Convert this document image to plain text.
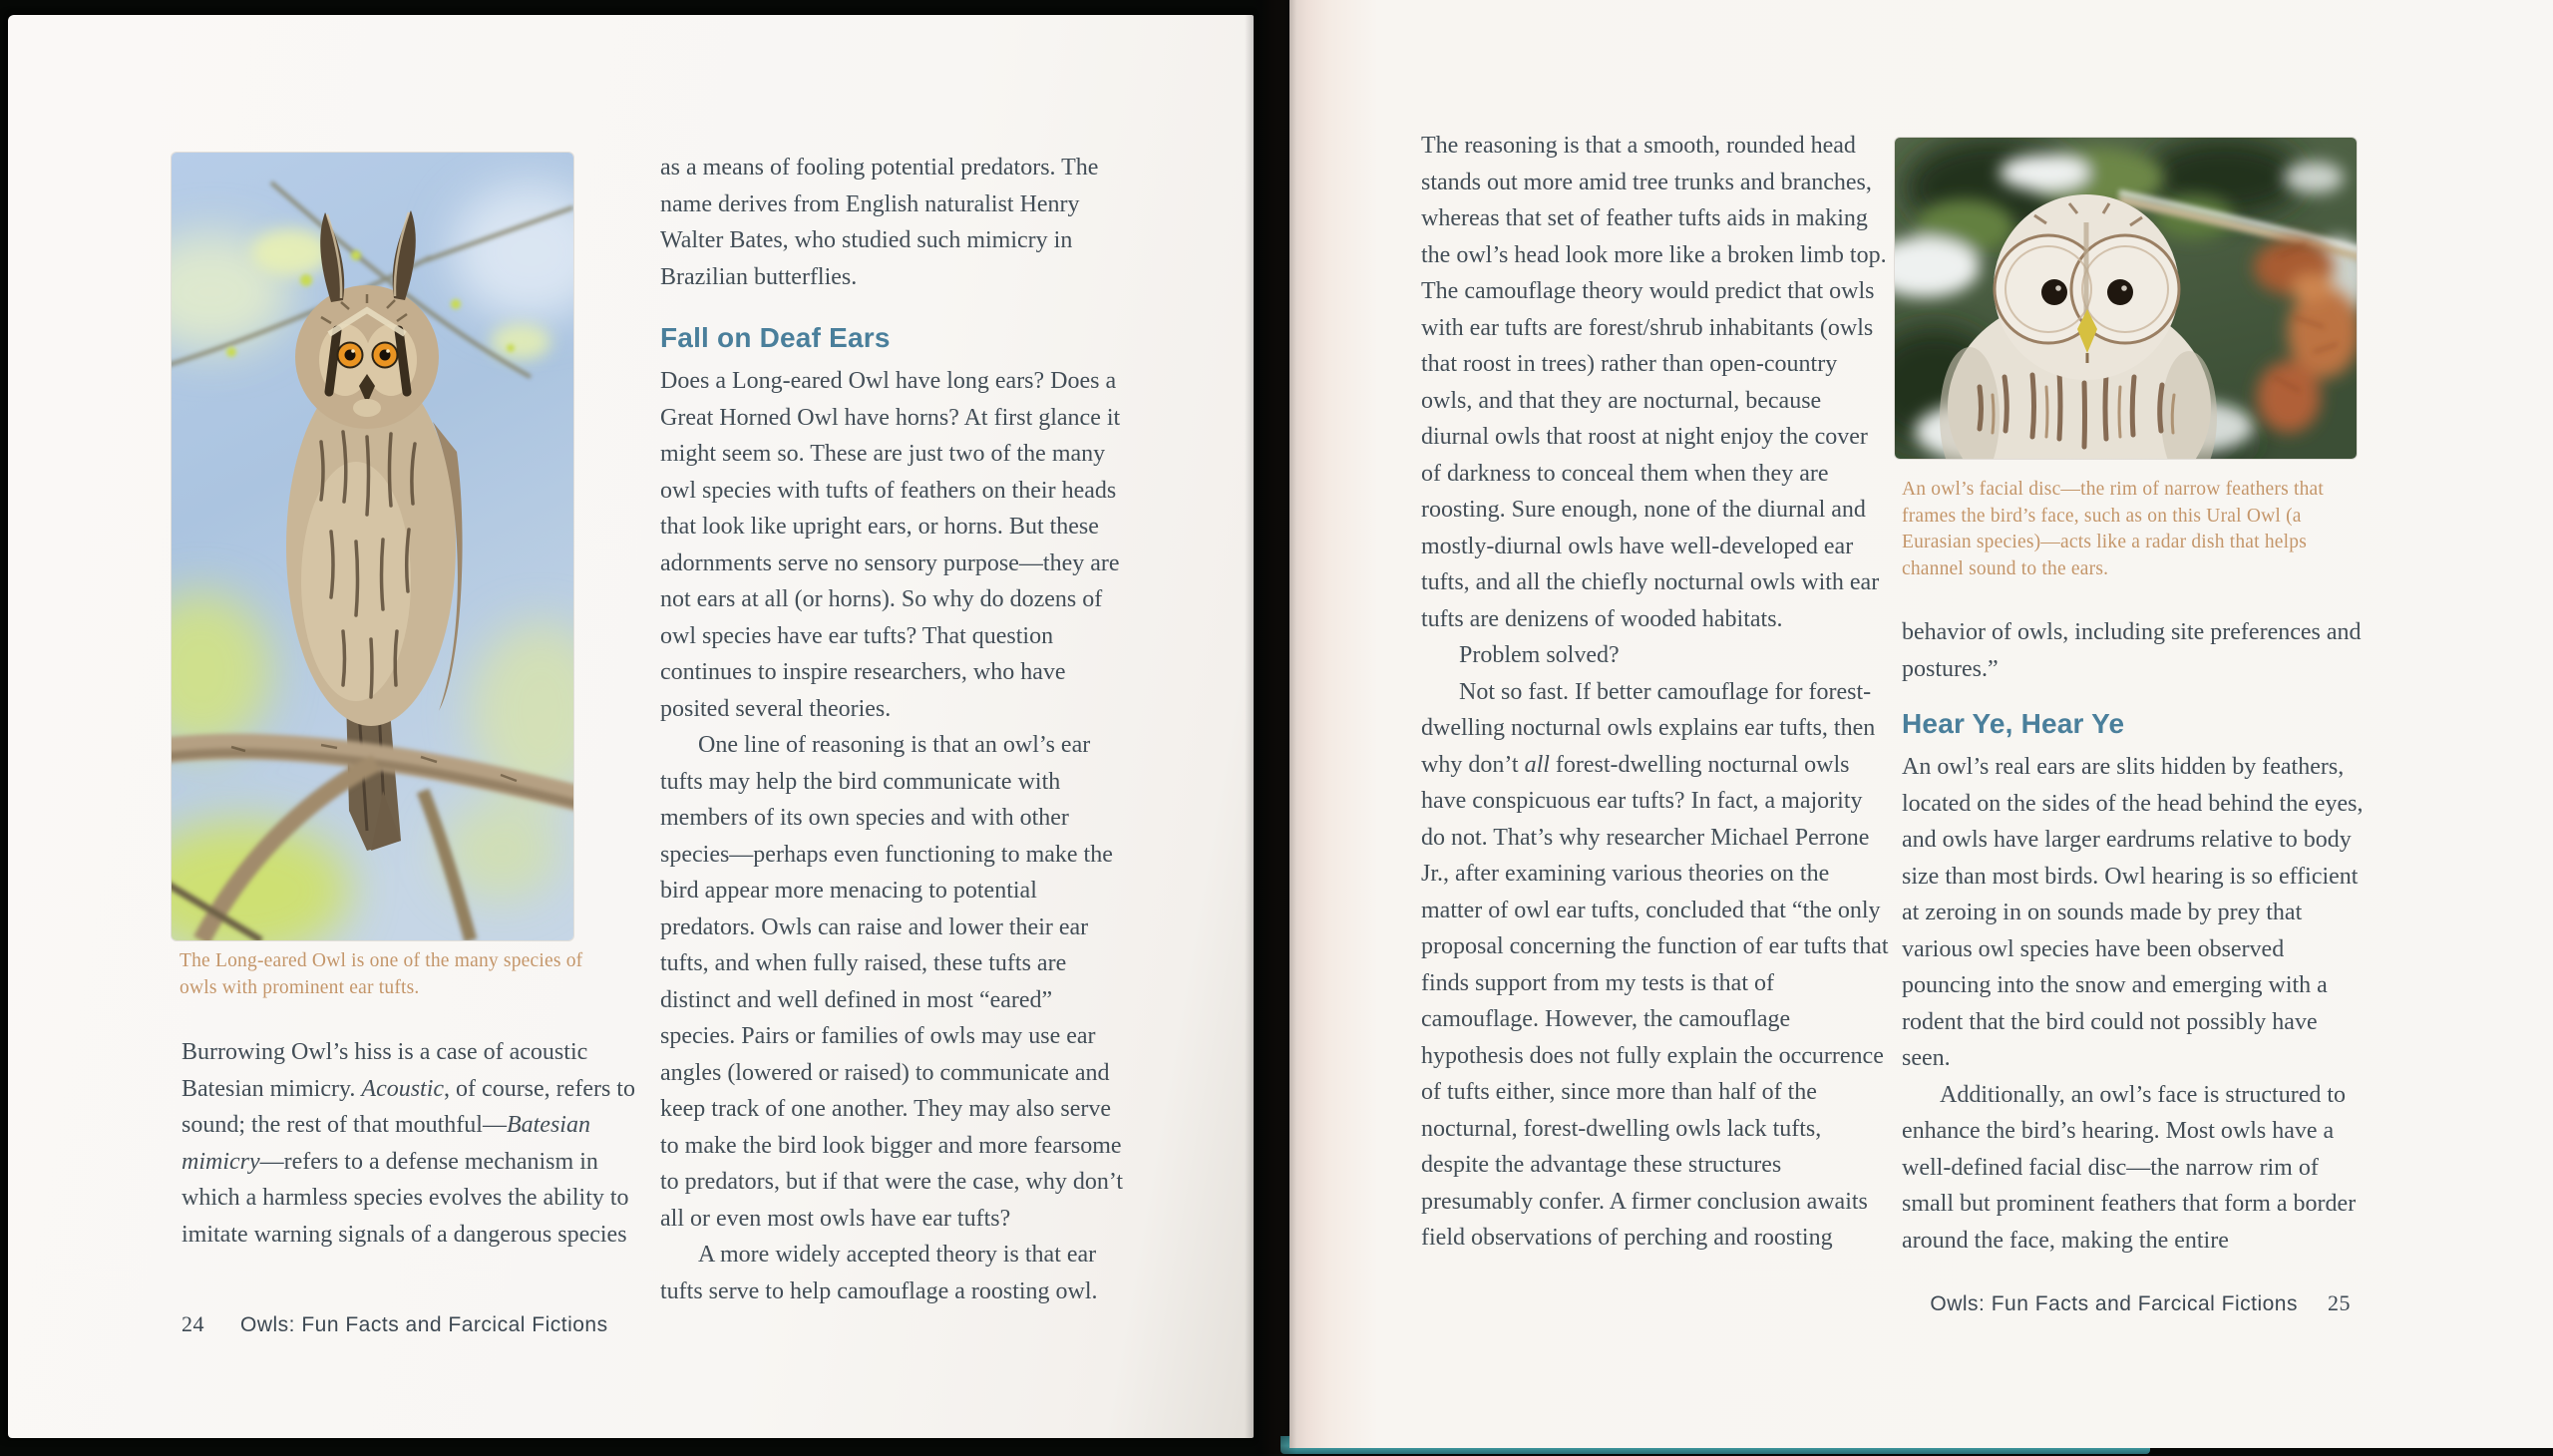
The Long-eared Owl is one of the many species of owls with prominent ear tufts.

Burrowing Owl’s hiss is a case of acoustic Batesian mimicry. Acoustic, of course, refers to sound; the rest of that mouthful—Batesian mimicry—refers to a defense mechanism in which a harmless species evolves the ability to imitate warning signals of a dangerous species

as a means of fooling potential predators. The name derives from English naturalist Henry Walter Bates, who studied such mimicry in Brazilian butterflies.

Fall on Deaf Ears

Does a Long-eared Owl have long ears? Does a Great Horned Owl have horns? At first glance it might seem so. These are just two of the many owl species with tufts of feathers on their heads that look like upright ears, or horns. But these adornments serve no sensory purpose—they are not ears at all (or horns). So why do dozens of owl species have ear tufts? That question continues to inspire researchers, who have posited several theories.

One line of reasoning is that an owl’s ear tufts may help the bird communicate with members of its own species and with other species—perhaps even functioning to make the bird appear more menacing to potential predators. Owls can raise and lower their ear tufts, and when fully raised, these tufts are distinct and well defined in most “eared” species. Pairs or families of owls may use ear angles (lowered or raised) to communicate and keep track of one another. They may also serve to make the bird look bigger and more fearsome to predators, but if that were the case, why don’t all or even most owls have ear tufts?

A more widely accepted theory is that ear tufts serve to help camouflage a roosting owl.

24 Owls: Fun Facts and Farcical Fictions

The reasoning is that a smooth, rounded head stands out more amid tree trunks and branches, whereas that set of feather tufts aids in making the owl’s head look more like a broken limb top. The camouflage theory would predict that owls with ear tufts are forest/shrub inhabitants (owls that roost in trees) rather than open-country owls, and that they are nocturnal, because diurnal owls that roost at night enjoy the cover of darkness to conceal them when they are roosting. Sure enough, none of the diurnal and mostly-diurnal owls have well-developed ear tufts, and all the chiefly nocturnal owls with ear tufts are denizens of wooded habitats.

Problem solved?

Not so fast. If better camouflage for forest-dwelling nocturnal owls explains ear tufts, then why don’t all forest-dwelling nocturnal owls have conspicuous ear tufts? In fact, a majority do not. That’s why researcher Michael Perrone Jr., after examining various theories on the matter of owl ear tufts, concluded that “the only proposal concerning the function of ear tufts that finds support from my tests is that of camouflage. However, the camouflage hypothesis does not fully explain the occurrence of tufts either, since more than half of the nocturnal, forest-dwelling owls lack tufts, despite the advantage these structures presumably confer. A firmer conclusion awaits field observations of perching and roosting

An owl’s facial disc—the rim of narrow feathers that frames the bird’s face, such as on this Ural Owl (a Eurasian species)—acts like a radar dish that helps channel sound to the ears.

behavior of owls, including site preferences and postures.”

Hear Ye, Hear Ye

An owl’s real ears are slits hidden by feathers, located on the sides of the head behind the eyes, and owls have larger eardrums relative to body size than most birds. Owl hearing is so efficient at zeroing in on sounds made by prey that various owl species have been observed pouncing into the snow and emerging with a rodent that the bird could not possibly have seen.

Additionally, an owl’s face is structured to enhance the bird’s hearing. Most owls have a well-defined facial disc—the narrow rim of small but prominent feathers that form a border around the face, making the entire

Owls: Fun Facts and Farcical Fictions 25
